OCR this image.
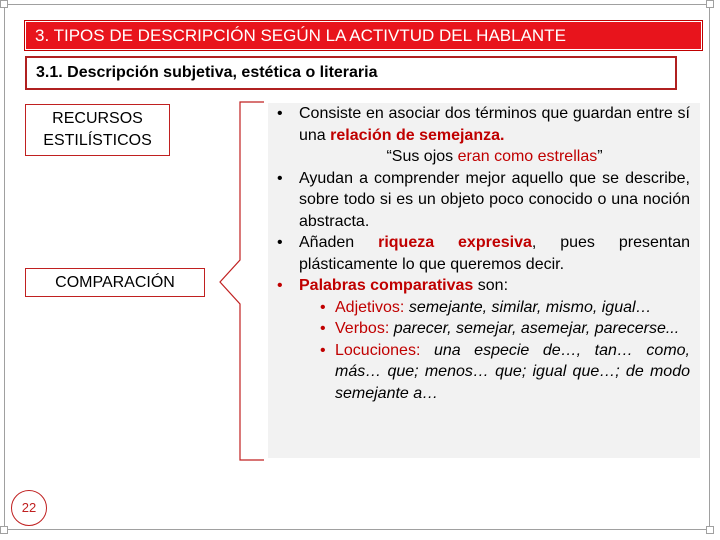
3. TIPOS DE DESCRIPCIÓN SEGÚN LA ACTIVTUD DEL HABLANTE
3.1. Descripción subjetiva, estética o literaria
RECURSOS
ESTILÍSTICOS
COMPARACIÓN
• Consiste en asociar dos términos que guardan entre sí una relación de semejanza.
“Sus ojos eran como estrellas”
• Ayudan a comprender mejor aquello que se describe, sobre todo si es un objeto poco conocido o una noción abstracta.
• Añaden riqueza expresiva, pues presentan plásticamente lo que queremos decir.
• Palabras comparativas son:
• Adjetivos: semejante, similar, mismo, igual…
• Verbos: parecer, semejar, asemejar, parecerse...
• Locuciones: una especie de…, tan… como, más… que; menos… que; igual que…; de modo semejante a…
22
